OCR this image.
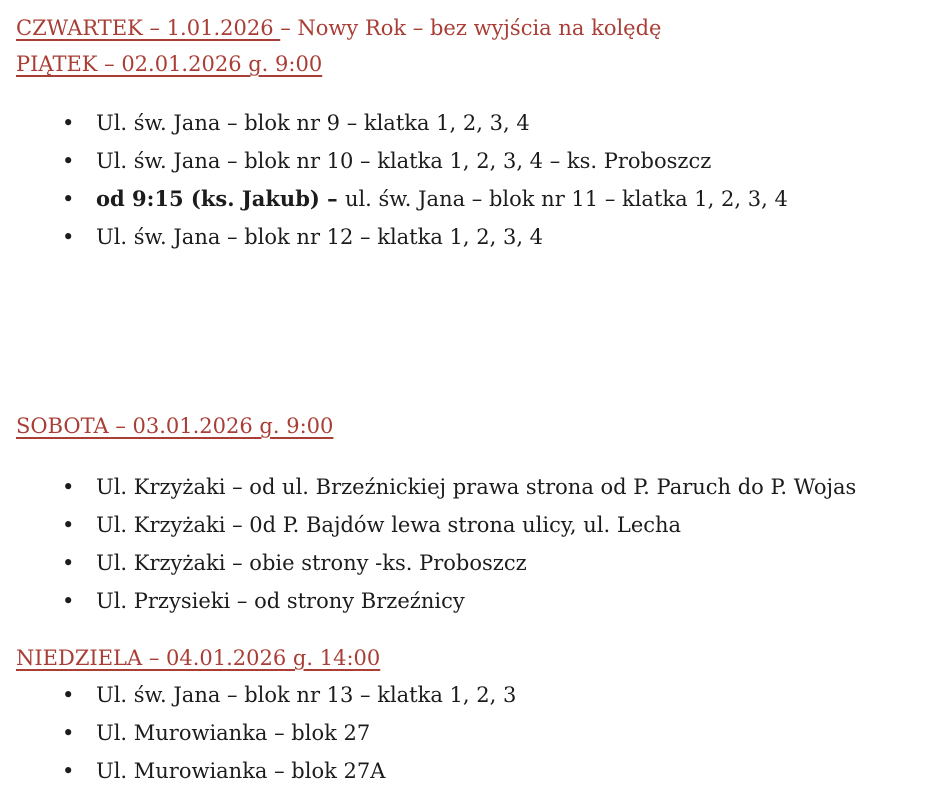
CZWARTEK – 1.01.2026 – Nowy Rok – bez wyjścia na kolędę

PIĄTEK – 02.01.2026 g. 9:00

• Ul. św. Jana – blok nr 9 – klatka 1, 2, 3, 4
• Ul. św. Jana – blok nr 10 – klatka 1, 2, 3, 4 – ks. Proboszcz
• od 9:15 (ks. Jakub) – ul. św. Jana – blok nr 11 – klatka 1, 2, 3, 4
• Ul. św. Jana – blok nr 12 – klatka 1, 2, 3, 4

SOBOTA – 03.01.2026 g. 9:00

• Ul. Krzyżaki – od ul. Brzeźnickiej prawa strona od P. Paruch do P. Wojas
• Ul. Krzyżaki – 0d P. Bajdów lewa strona ulicy, ul. Lecha
• Ul. Krzyżaki – obie strony -ks. Proboszcz
• Ul. Przysieki – od strony Brzeźnicy

NIEDZIELA – 04.01.2026 g. 14:00

• Ul. św. Jana – blok nr 13 – klatka 1, 2, 3
• Ul. Murowianka – blok 27
• Ul. Murowianka – blok 27A
